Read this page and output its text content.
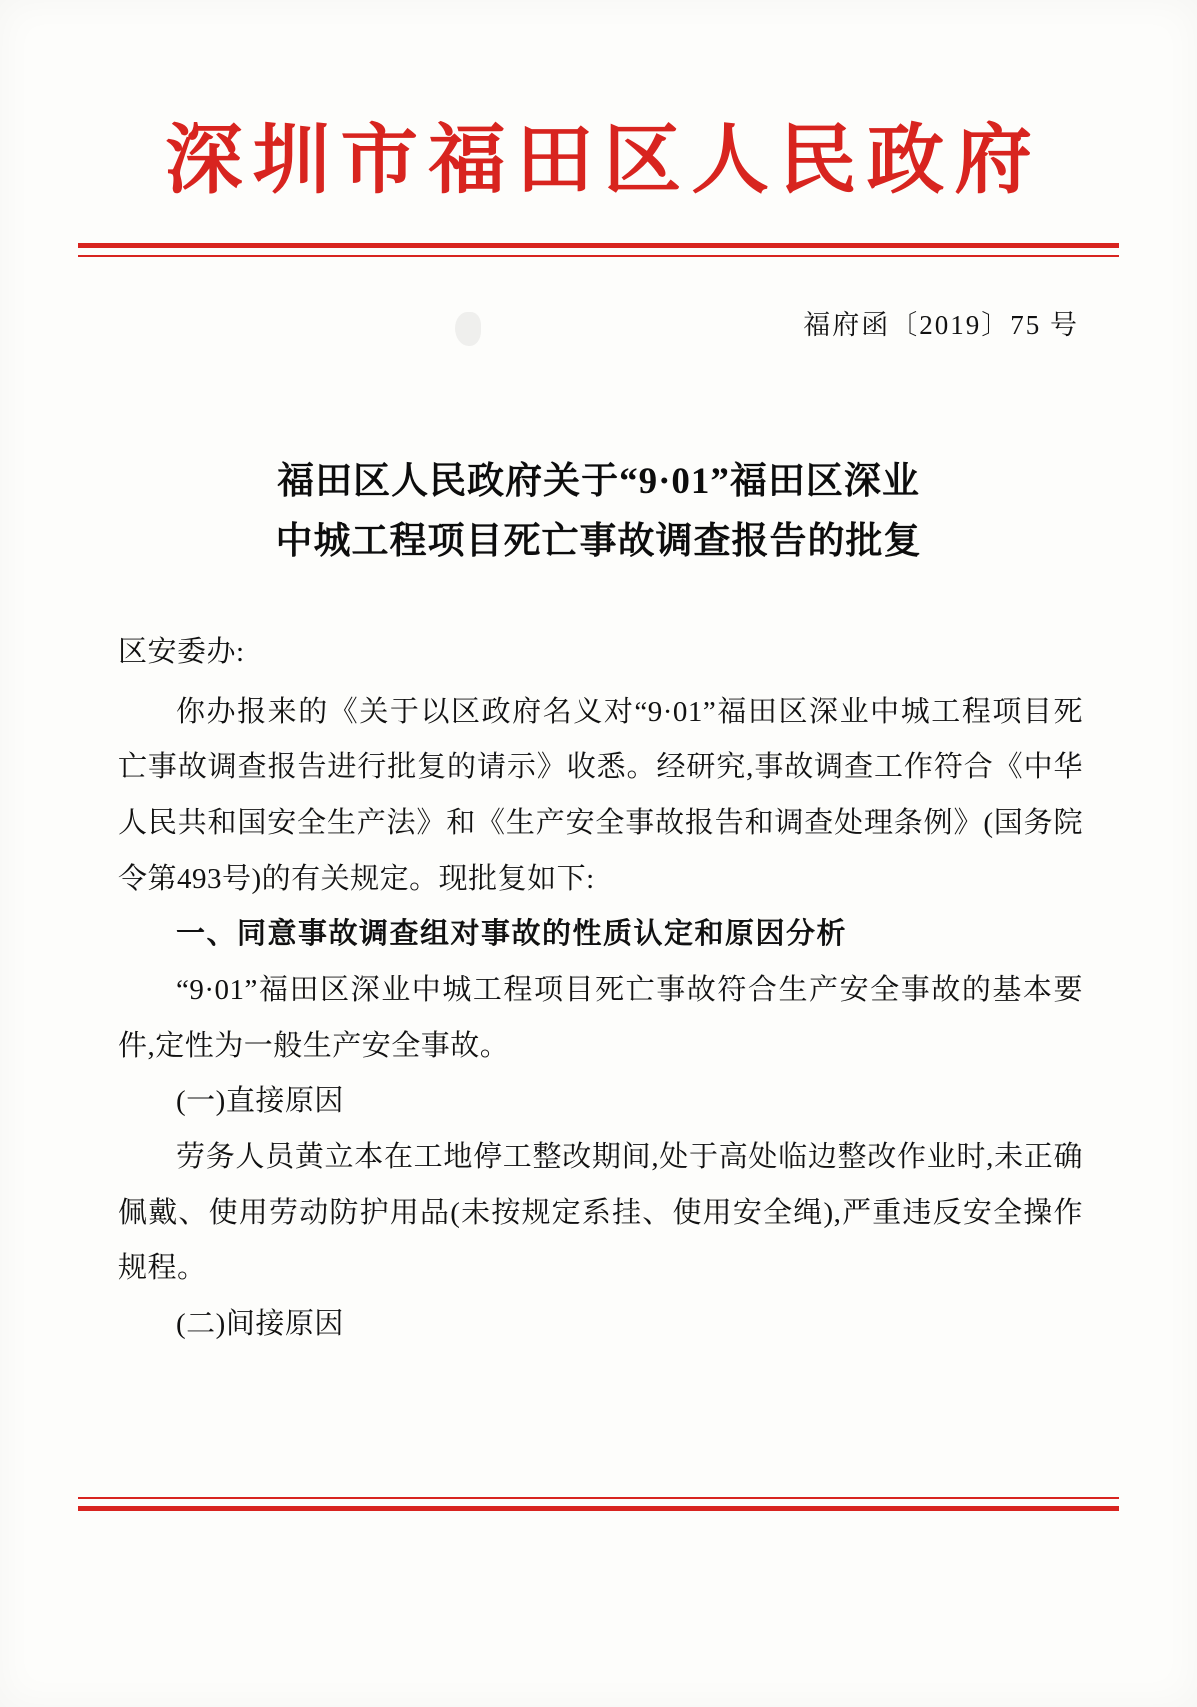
深圳市福田区人民政府
福府函〔2019〕75 号
福田区人民政府关于“9·01”福田区深业
中城工程项目死亡事故调查报告的批复

区安委办:

你办报来的《关于以区政府名义对“9·01”福田区深业中城工程项目死亡事故调查报告进行批复的请示》收悉。经研究,事故调查工作符合《中华人民共和国安全生产法》和《生产安全事故报告和调查处理条例》(国务院令第493号)的有关规定。现批复如下:

一、同意事故调查组对事故的性质认定和原因分析

“9·01”福田区深业中城工程项目死亡事故符合生产安全事故的基本要件,定性为一般生产安全事故。

(一)直接原因

劳务人员黄立本在工地停工整改期间,处于高处临边整改作业时,未正确佩戴、使用劳动防护用品(未按规定系挂、使用安全绳),严重违反安全操作规程。

(二)间接原因
